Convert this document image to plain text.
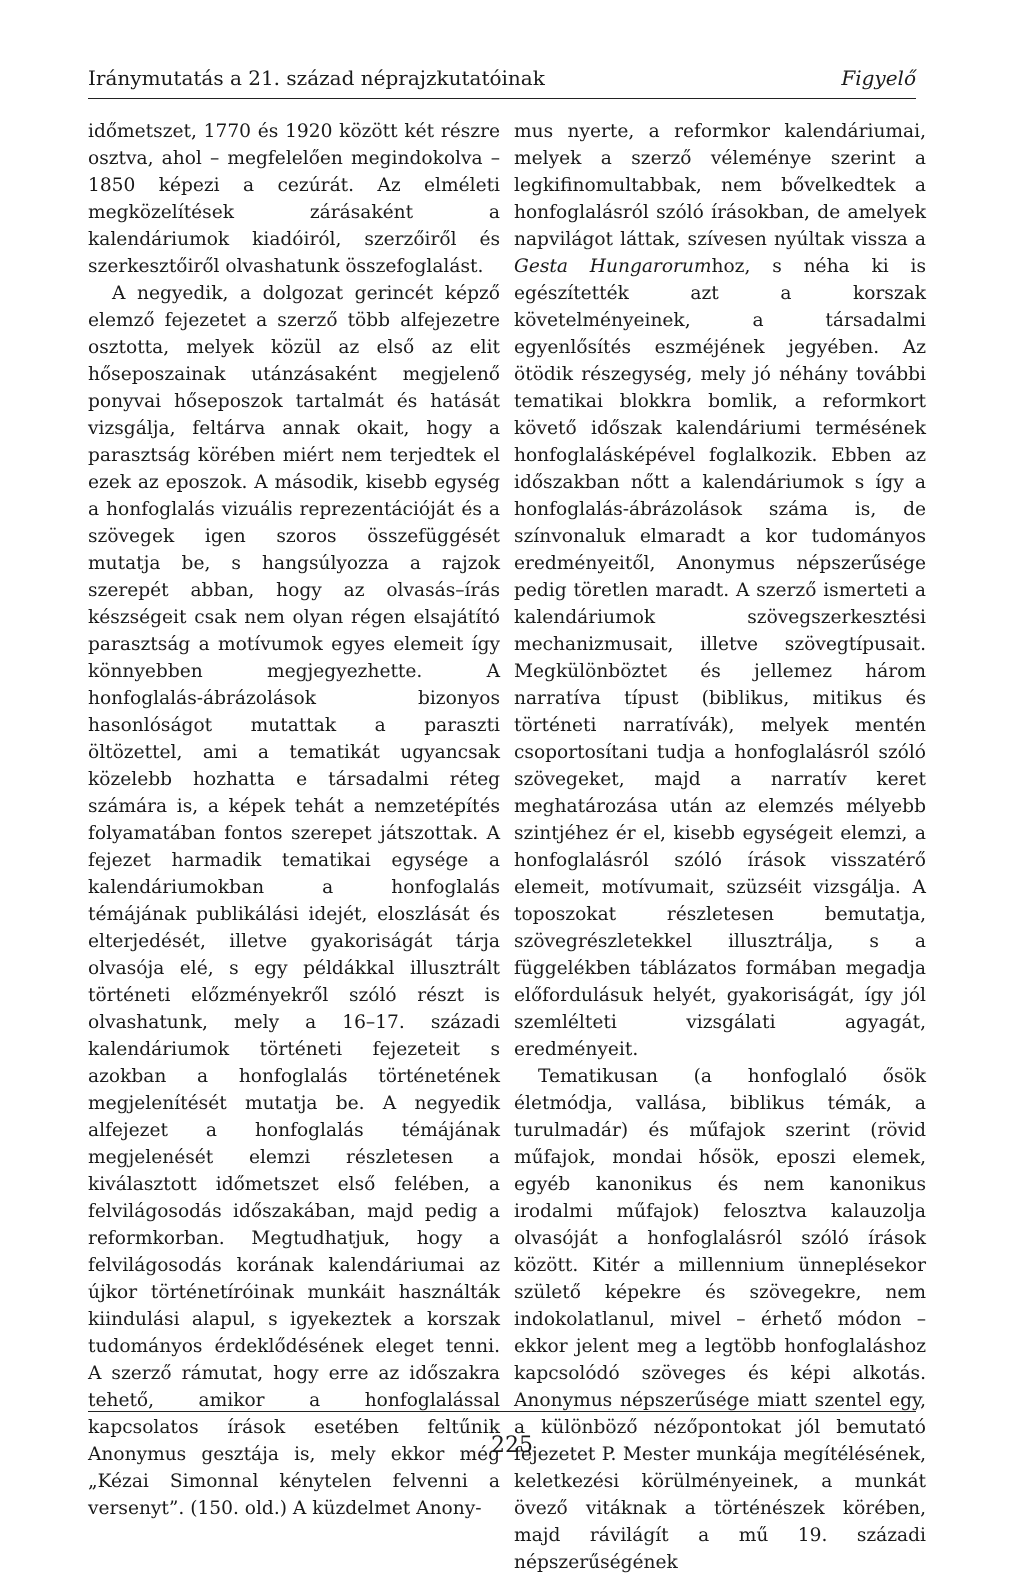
Iránymutatás a 21. század néprajzkutatóinak	Figyelő

időmetszet, 1770 és 1920 között két részre osztva, ahol – megfelelően megindokolva – 1850 képezi a cezúrát. Az elméleti megközelítések zárásaként a kalendáriumok kiadóiról, szerzőiről és szerkesztőiről olvashatunk összefoglalást.

A negyedik, a dolgozat gerincét képző elemző fejezetet a szerző több alfejezetre osztotta, melyek közül az első az elit hőseposzainak utánzásaként megjelenő ponyvai hőseposzok tartalmát és hatását vizsgálja, feltárva annak okait, hogy a parasztság körében miért nem terjedtek el ezek az eposzok. A második, kisebb egység a honfoglalás vizuális reprezentációját és a szövegek igen szoros összefüggését mutatja be, s hangsúlyozza a rajzok szerepét abban, hogy az olvasás–írás készségeit csak nem olyan régen elsajátító parasztság a motívumok egyes elemeit így könnyebben megjegyezhette. A honfoglalás-ábrázolások bizonyos hasonlóságot mutattak a paraszti öltözettel, ami a tematikát ugyancsak közelebb hozhatta e társadalmi réteg számára is, a képek tehát a nemzetépítés folyamatában fontos szerepet játszottak. A fejezet harmadik tematikai egysége a kalendáriumokban a honfoglalás témájának publikálási idejét, eloszlását és elterjedését, illetve gyakoriságát tárja olvasója elé, s egy példákkal illusztrált történeti előzményekről szóló részt is olvashatunk, mely a 16–17. századi kalendáriumok történeti fejezeteit s azokban a honfoglalás történetének megjelenítését mutatja be. A negyedik alfejezet a honfoglalás témájának megjelenését elemzi részletesen a kiválasztott időmetszet első felében, a felvilágosodás időszakában, majd pedig a reformkorban. Megtudhatjuk, hogy a felvilágosodás korának kalendáriumai az újkor történetíróinak munkáit használták kiindulási alapul, s igyekeztek a korszak tudományos érdeklődésének eleget tenni. A szerző rámutat, hogy erre az időszakra tehető, amikor a honfoglalással kapcsolatos írások esetében feltűnik Anonymus gesztája is, mely ekkor még „Kézai Simonnal kénytelen felvenni a versenyt”. (150. old.) A küzdelmet Anony-

mus nyerte, a reformkor kalendáriumai, melyek a szerző véleménye szerint a legkifinomultabbak, nem bővelkedtek a honfoglalásról szóló írásokban, de amelyek napvilágot láttak, szívesen nyúltak vissza a Gesta Hungarorumhoz, s néha ki is egészítették azt a korszak követelményeinek, a társadalmi egyenlősítés eszméjének jegyében. Az ötödik részegység, mely jó néhány további tematikai blokkra bomlik, a reformkort követő időszak kalendáriumi termésének honfoglalásképével foglalkozik. Ebben az időszakban nőtt a kalendáriumok s így a honfoglalás-ábrázolások száma is, de színvonaluk elmaradt a kor tudományos eredményeitől, Anonymus népszerűsége pedig töretlen maradt. A szerző ismerteti a kalendáriumok szövegszerkesztési mechanizmusait, illetve szövegtípusait. Megkülönböztet és jellemez három narratíva típust (biblikus, mitikus és történeti narratívák), melyek mentén csoportosítani tudja a honfoglalásról szóló szövegeket, majd a narratív keret meghatározása után az elemzés mélyebb szintjéhez ér el, kisebb egységeit elemzi, a honfoglalásról szóló írások visszatérő elemeit, motívumait, szüzséit vizsgálja. A toposzokat részletesen bemutatja, szövegrészletekkel illusztrálja, s a függelékben táblázatos formában megadja előfordulásuk helyét, gyakoriságát, így jól szemlélteti vizsgálati agyagát, eredményeit.

Tematikusan (a honfoglaló ősök életmódja, vallása, biblikus témák, a turulmadár) és műfajok szerint (rövid műfajok, mondai hősök, eposzi elemek, egyéb kanonikus és nem kanonikus irodalmi műfajok) felosztva kalauzolja olvasóját a honfoglalásról szóló írások között. Kitér a millennium ünneplésekor születő képekre és szövegekre, nem indokolatlanul, mivel – érhető módon – ekkor jelent meg a legtöbb honfoglaláshoz kapcsolódó szöveges és képi alkotás. Anonymus népszerűsége miatt szentel egy, a különböző nézőpontokat jól bemutató fejezetet P. Mester munkája megítélésének, keletkezési körülményeinek, a munkát övező vitáknak a történészek körében, majd rávilágít a mű 19. századi népszerűségének

225
